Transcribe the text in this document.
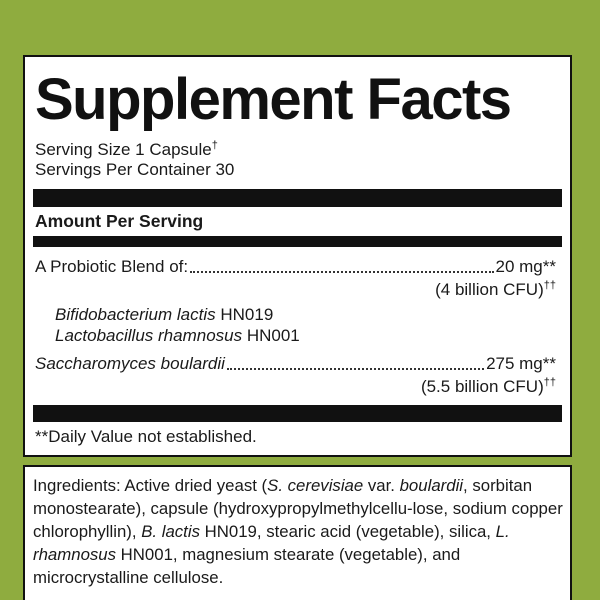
Supplement Facts
Serving Size 1 Capsule†
Servings Per Container 30
Amount Per Serving
A Probiotic Blend of:	20 mg**
(4 billion CFU)††
Bifidobacterium lactis HN019
Lactobacillus rhamnosus HN001
Saccharomyces boulardii	275 mg**
(5.5 billion CFU)††
**Daily Value not established.
Ingredients: Active dried yeast (S. cerevisiae var. boulardii, sorbitan monostearate), capsule (hydroxypropylmethylcellu-lose, sodium copper chlorophyllin), B. lactis HN019, stearic acid (vegetable), silica, L. rhamnosus HN001, magnesium stearate (vegetable), and microcrystalline cellulose.
